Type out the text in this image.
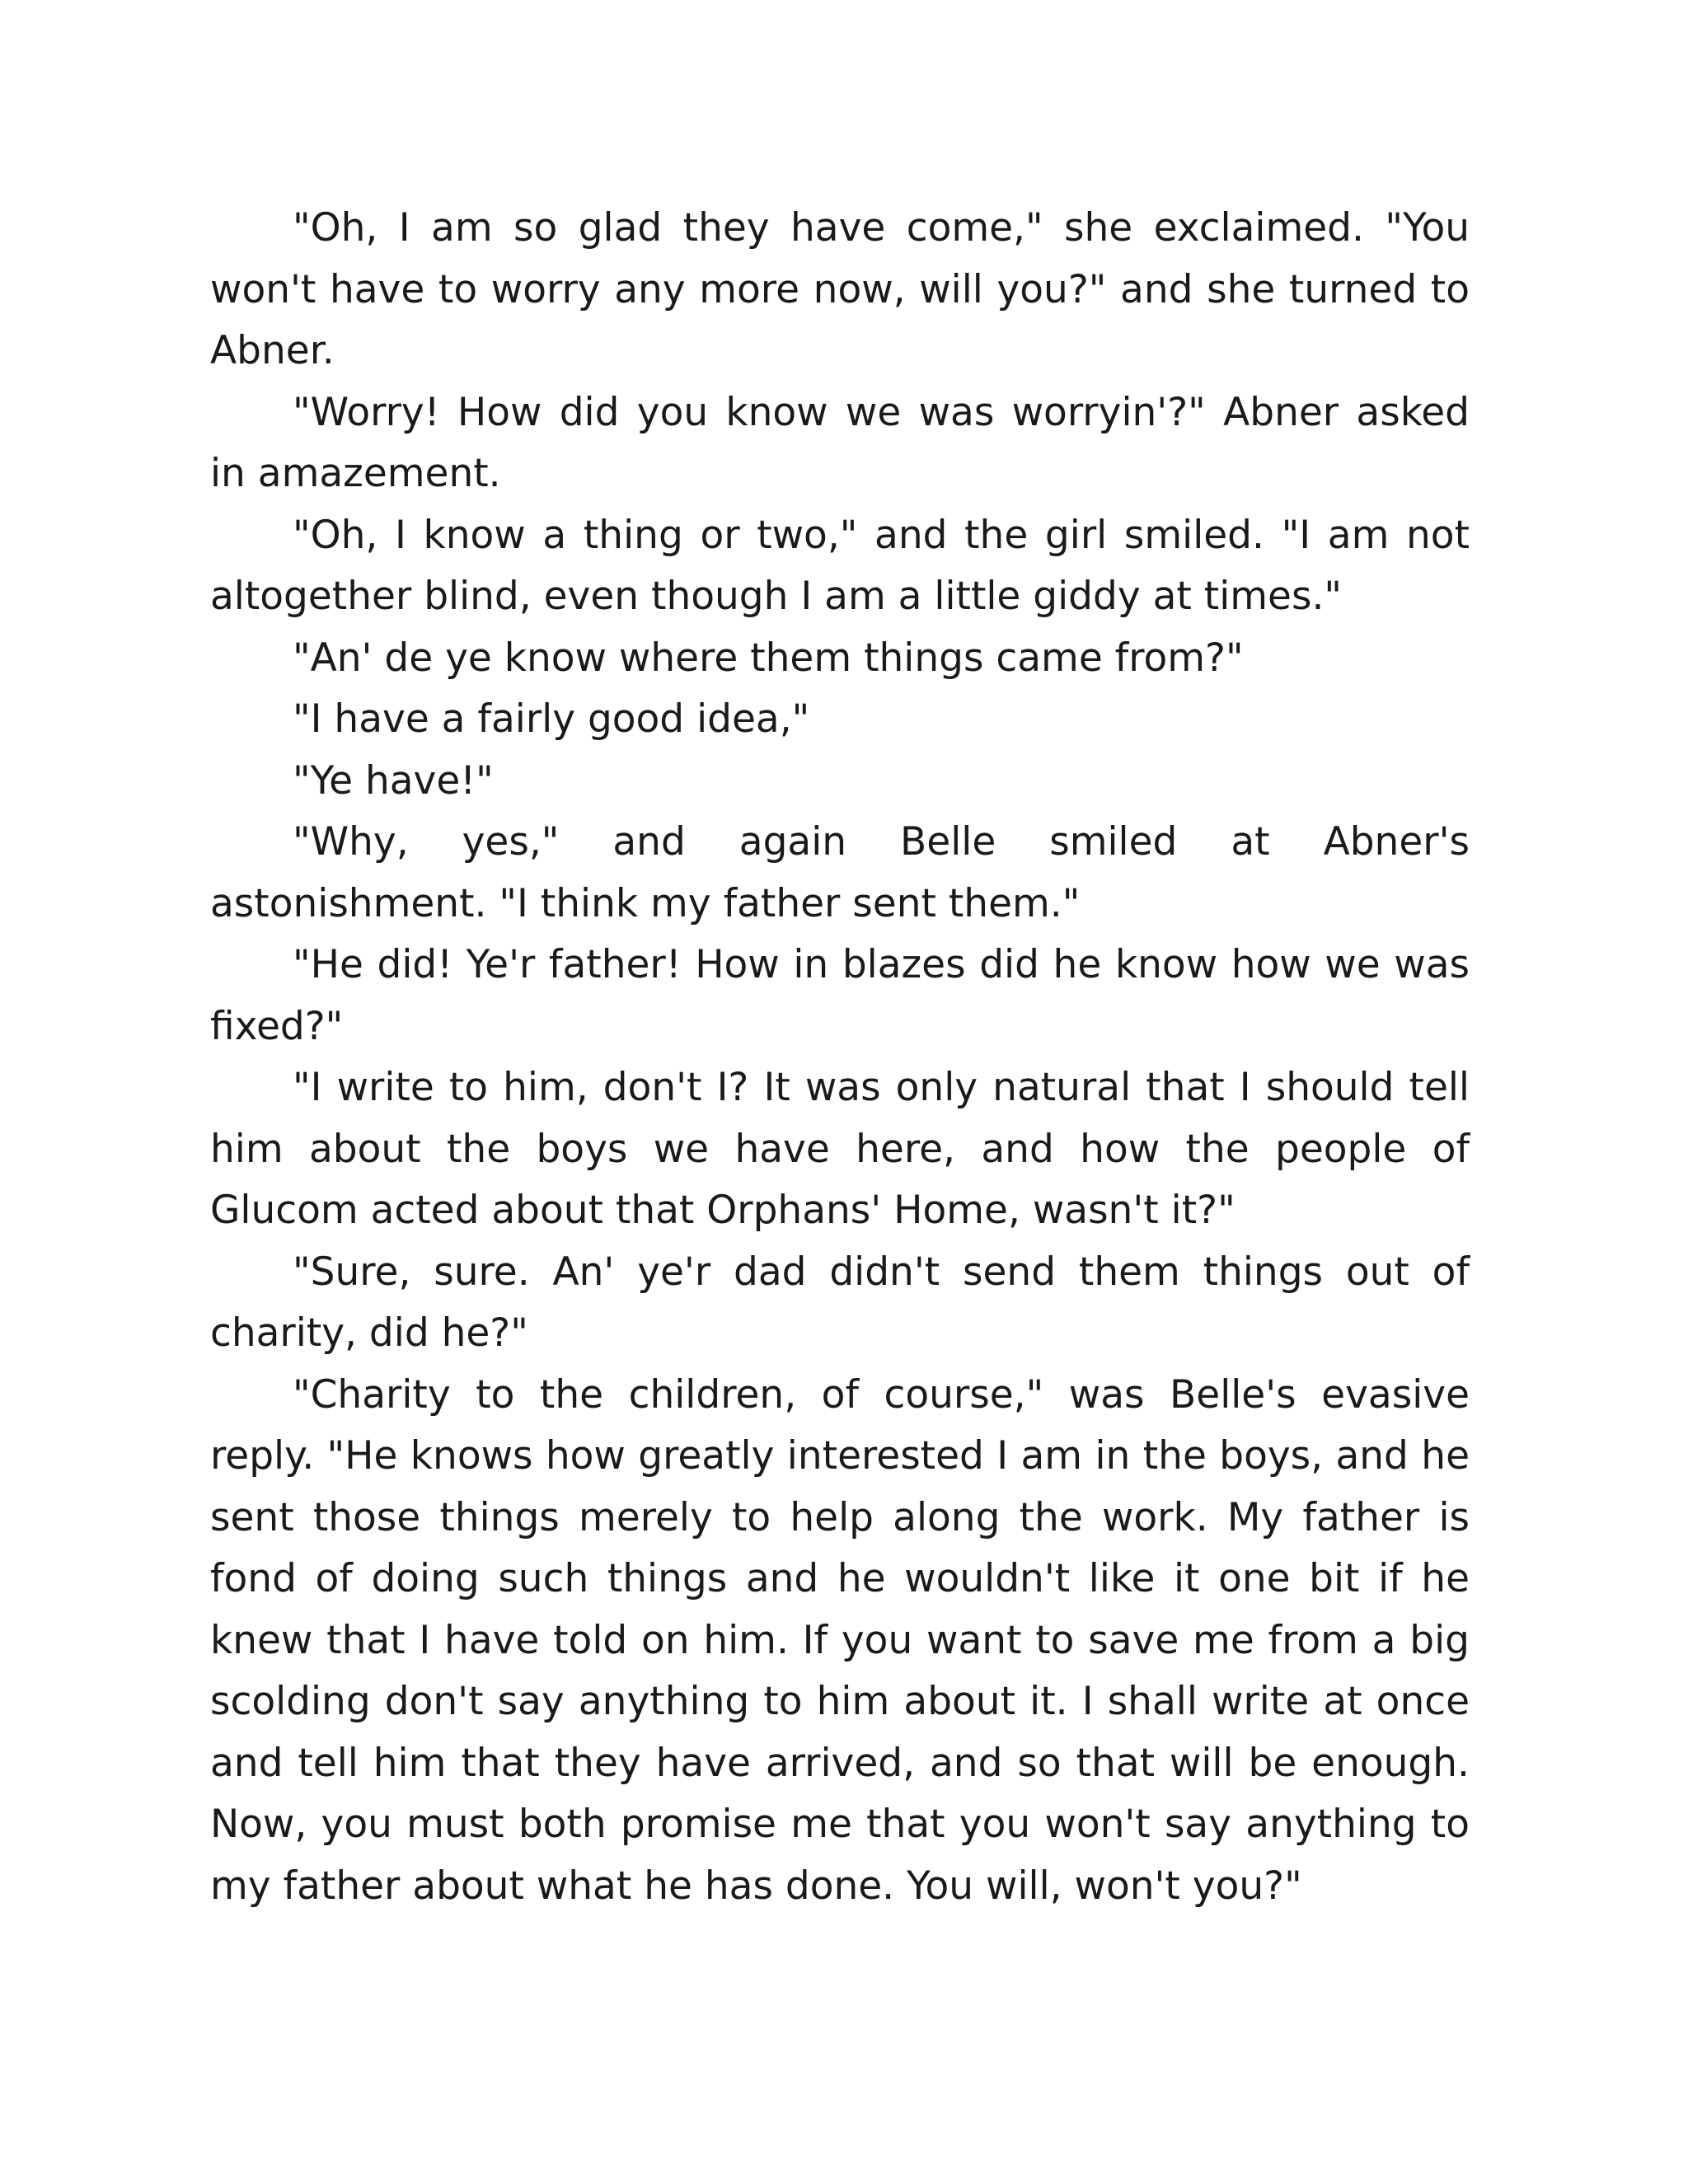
"Oh, I am so glad they have come," she exclaimed. "You won't have to worry any more now, will you?" and she turned to Abner.

"Worry! How did you know we was worryin'?" Abner asked in amazement.

"Oh, I know a thing or two," and the girl smiled. "I am not altogether blind, even though I am a little giddy at times."

"An' de ye know where them things came from?"

"I have a fairly good idea,"

"Ye have!"

"Why, yes," and again Belle smiled at Abner's astonishment. "I think my father sent them."

"He did! Ye'r father! How in blazes did he know how we was fixed?"

"I write to him, don't I? It was only natural that I should tell him about the boys we have here, and how the people of Glucom acted about that Orphans' Home, wasn't it?"

"Sure, sure. An' ye'r dad didn't send them things out of charity, did he?"

"Charity to the children, of course," was Belle's evasive reply. "He knows how greatly interested I am in the boys, and he sent those things merely to help along the work. My father is fond of doing such things and he wouldn't like it one bit if he knew that I have told on him. If you want to save me from a big scolding don't say anything to him about it. I shall write at once and tell him that they have arrived, and so that will be enough. Now, you must both promise me that you won't say anything to my father about what he has done. You will, won't you?"
